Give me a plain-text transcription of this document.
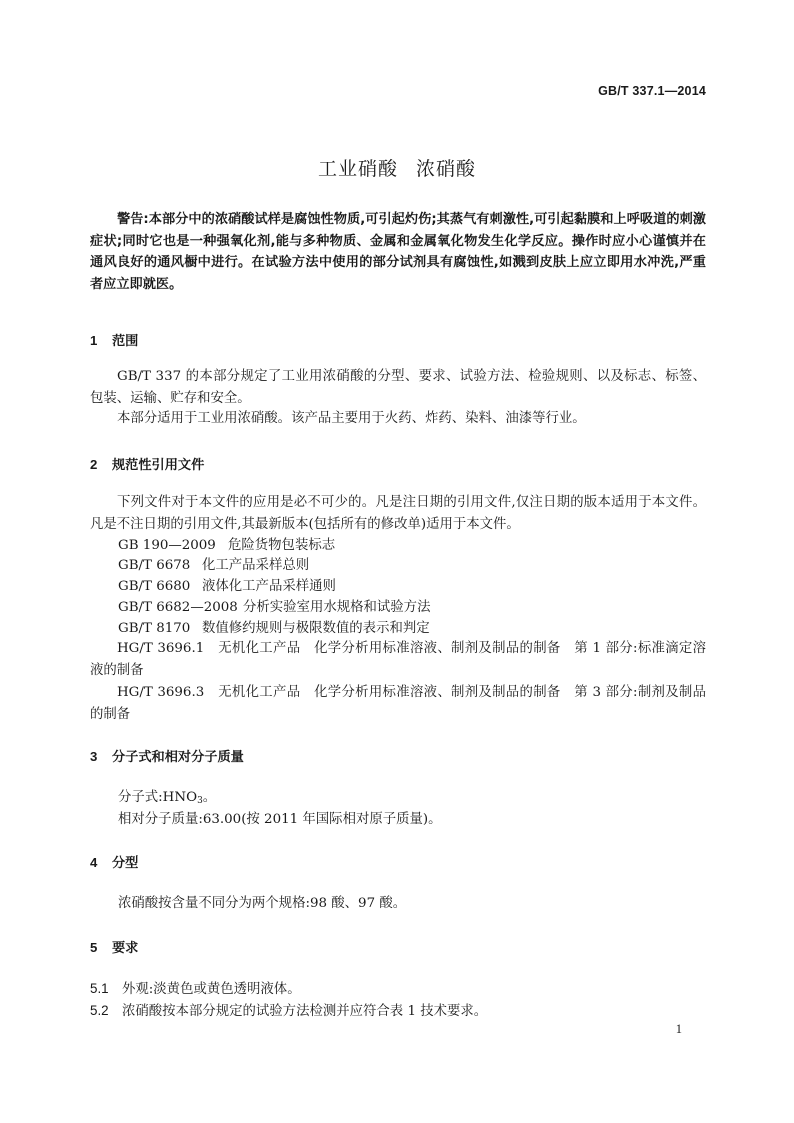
GB/T 337.1—2014
工业硝酸 浓硝酸
警告:本部分中的浓硝酸试样是腐蚀性物质,可引起灼伤;其蒸气有刺激性,可引起黏膜和上呼吸道的刺激症状;同时它也是一种强氧化剂,能与多种物质、金属和金属氧化物发生化学反应。操作时应小心谨慎并在通风良好的通风橱中进行。在试验方法中使用的部分试剂具有腐蚀性,如溅到皮肤上应立即用水冲洗,严重者应立即就医。
1 范围
GB/T 337 的本部分规定了工业用浓硝酸的分型、要求、试验方法、检验规则、以及标志、标签、包装、运输、贮存和安全。
本部分适用于工业用浓硝酸。该产品主要用于火药、炸药、染料、油漆等行业。
2 规范性引用文件
下列文件对于本文件的应用是必不可少的。凡是注日期的引用文件,仅注日期的版本适用于本文件。凡是不注日期的引用文件,其最新版本(包括所有的修改单)适用于本文件。
GB 190—2009 危险货物包装标志
GB/T 6678 化工产品采样总则
GB/T 6680 液体化工产品采样通则
GB/T 6682—2008 分析实验室用水规格和试验方法
GB/T 8170 数值修约规则与极限数值的表示和判定
HG/T 3696.1　无机化工产品　化学分析用标准溶液、制剂及制品的制备　第 1 部分:标准滴定溶液的制备
HG/T 3696.3　无机化工产品　化学分析用标准溶液、制剂及制品的制备　第 3 部分:制剂及制品的制备
3 分子式和相对分子质量
分子式$:HNO_3$。
相对分子质量:63.00(按 2011 年国际相对原子质量)。
4 分型
浓硝酸按含量不同分为两个规格:98 酸、97 酸。
5 要求
5.1 外观:淡黄色或黄色透明液体。
5.2 浓硝酸按本部分规定的试验方法检测并应符合表 1 技术要求。
1
